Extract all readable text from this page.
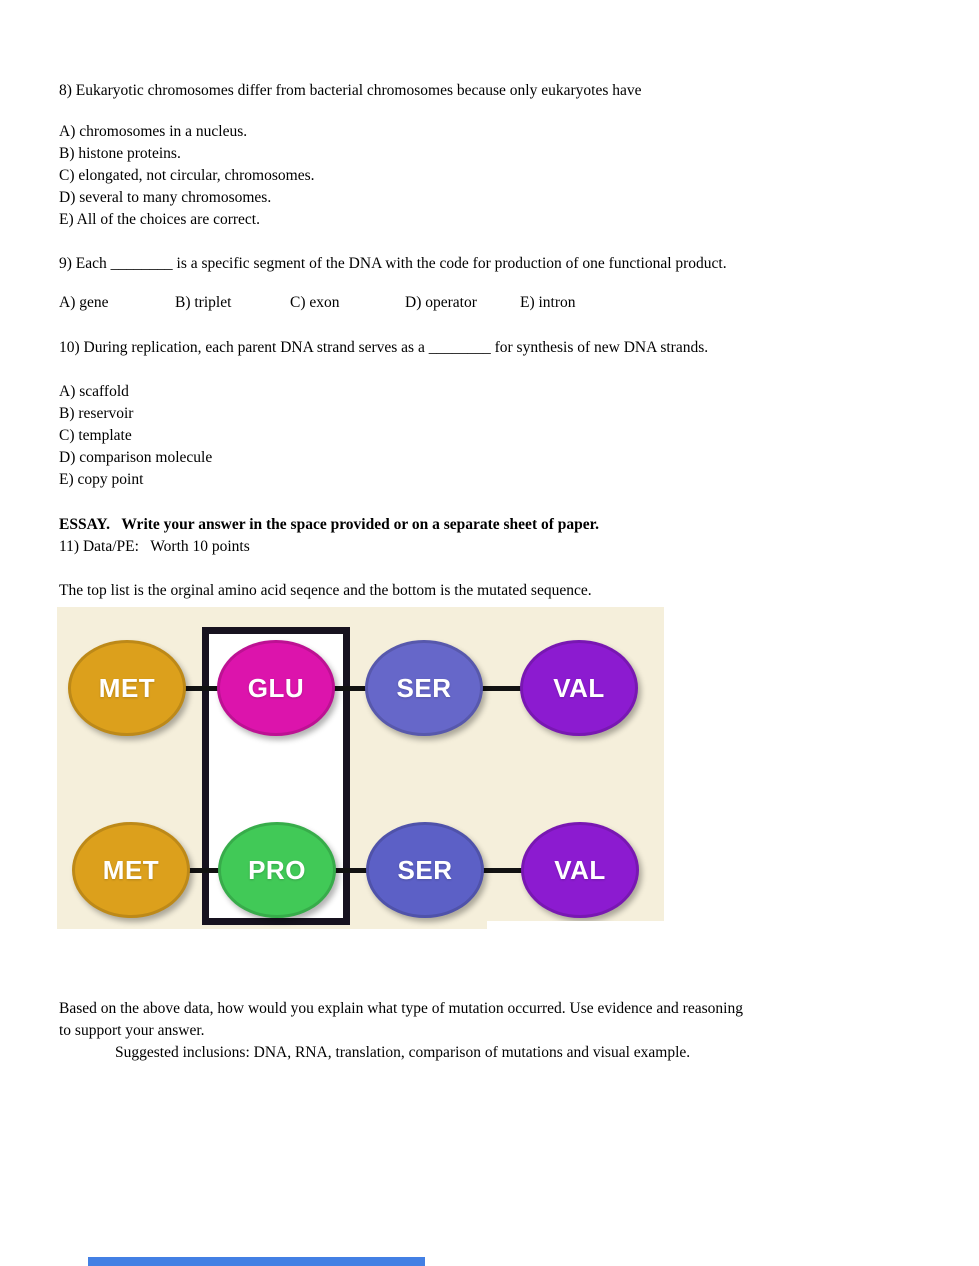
8) Eukaryotic chromosomes differ from bacterial chromosomes because only eukaryotes have
A) chromosomes in a nucleus.
B) histone proteins.
C) elongated, not circular, chromosomes.
D) several to many chromosomes.
E) All of the choices are correct.
9) Each ________ is a specific segment of the DNA with the code for production of one functional product.
A) gene	B) triplet	C) exon	D) operator	E) intron
10) During replication, each parent DNA strand serves as a ________ for synthesis of new DNA strands.
A) scaffold
B) reservoir
C) template
D) comparison molecule
E) copy point
ESSAY.   Write your answer in the space provided or on a separate sheet of paper.
11) Data/PE:   Worth 10 points
The top list is the orginal amino acid seqence and the bottom is the mutated sequence.
MET	GLU	SER	VAL
MET	PRO	SER	VAL
Based on the above data, how would you explain what type of mutation occurred. Use evidence and reasoning
to support your answer.
Suggested inclusions: DNA, RNA, translation, comparison of mutations and visual example.
